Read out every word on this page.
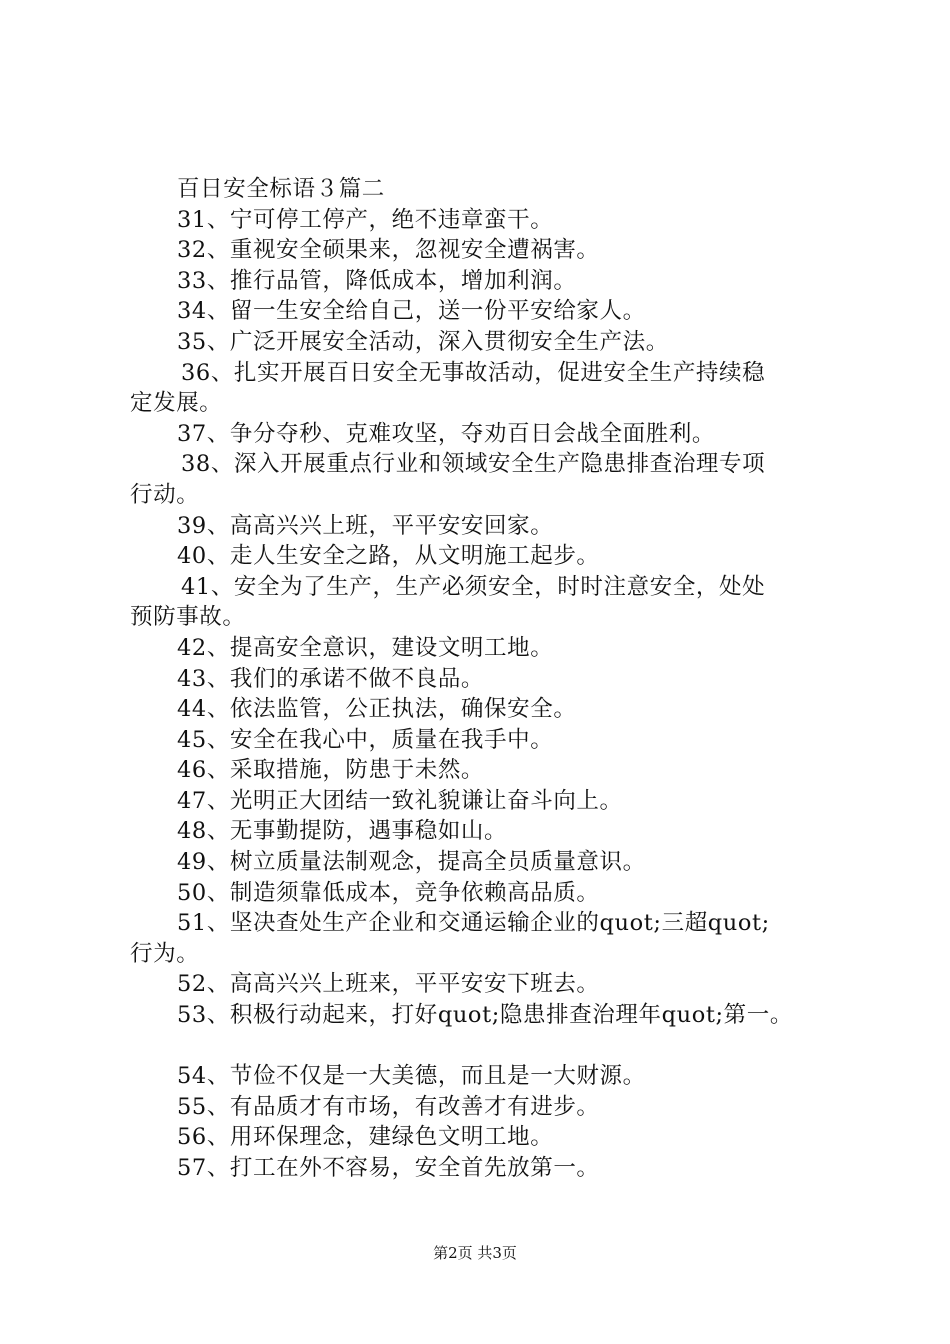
百日安全标语３篇二
31、宁可停工停产，绝不违章蛮干。
32、重视安全硕果来，忽视安全遭祸害。
33、推行品管，降低成本，增加利润。
34、留一生安全给自己，送一份平安给家人。
35、广泛开展安全活动，深入贯彻安全生产法。
36、扎实开展百日安全无事故活动，促进安全生产持续稳
定发展。
37、争分夺秒、克难攻坚，夺劝百日会战全面胜利。
38、深入开展重点行业和领域安全生产隐患排查治理专项
行动。
39、高高兴兴上班，平平安安回家。
40、走人生安全之路，从文明施工起步。
41、安全为了生产，生产必须安全，时时注意安全，处处
预防事故。
42、提高安全意识，建设文明工地。
43、我们的承诺不做不良品。
44、依法监管，公正执法，确保安全。
45、安全在我心中，质量在我手中。
46、采取措施，防患于未然。
47、光明正大团结一致礼貌谦让奋斗向上。
48、无事勤提防，遇事稳如山。
49、树立质量法制观念，提高全员质量意识。
50、制造须靠低成本，竞争依赖高品质。
51、坚决查处生产企业和交通运输企业的quot;三超quot;
行为。
52、高高兴兴上班来，平平安安下班去。
53、积极行动起来，打好quot;隐患排查治理年quot;第一。
54、节俭不仅是一大美德，而且是一大财源。
55、有品质才有市场，有改善才有进步。
56、用环保理念，建绿色文明工地。
57、打工在外不容易，安全首先放第一。
第2页 共3页
